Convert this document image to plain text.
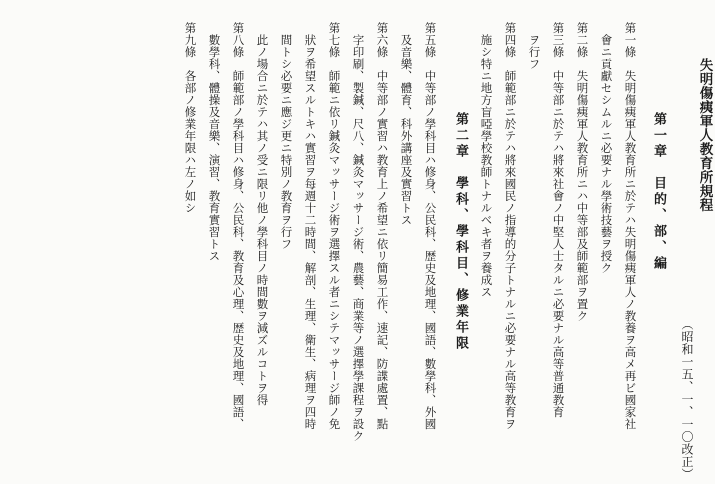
失明傷痍軍人教育所規程
（昭和一五、一、一〇改正）
第一章　目的、部、編
第一條　失明傷痍軍人教育所ニ於テハ失明傷痍軍人ノ教養ヲ高メ再ビ國家社
　會ニ貢獻セシムルニ必要ナル學術技藝ヲ授ク
第二條　失明傷痍軍人教育所ニハ中等部及師範部ヲ置ク
第三條　中等部ニ於テハ將來社會ノ中堅人士タルニ必要ナル高等普通教育
　ヲ行フ
第四條　師範部ニ於テハ將來國民ノ指導的分子トナルニ必要ナル高等教育ヲ
　施シ特ニ地方盲啞學校教師トナルベキ者ヲ養成ス
第二章　學科、學科目、修業年限
第五條　中等部ノ學科目ハ修身、公民科、歴史及地理、國語、數學科、外國
　及音樂、體育、科外講座及實習トス
第六條　中等部ノ實習ハ教育上ノ希望ニ依リ簡易工作、速記、防諜處置、點
　字印刷、製鍼、尺八、鍼灸マッサージ術、農藝、商業等ノ選擇學課程ヲ設ク
第七條　師範ニ依リ鍼灸マッサージ術ヲ選擇スル者ニシテマッサージ師ノ免
　狀ヲ希望スルトキハ實習ヲ每週十二時間、解剖、生理、衛生、病理ヲ四時
　間トシ必要ニ應ジ更ニ特別ノ教育ヲ行フ
　此ノ場合ニ於テハ其ノ受ニ限リ他ノ學科目ノ時間數ヲ減ズルコトヲ得
第八條　師範部ノ學科目ハ修身、公民科、教育及心理、歴史及地理、國語、
　數學科、體操及音樂、演習、教育實習トス
第九條　各部ノ修業年限ハ左ノ如シ
